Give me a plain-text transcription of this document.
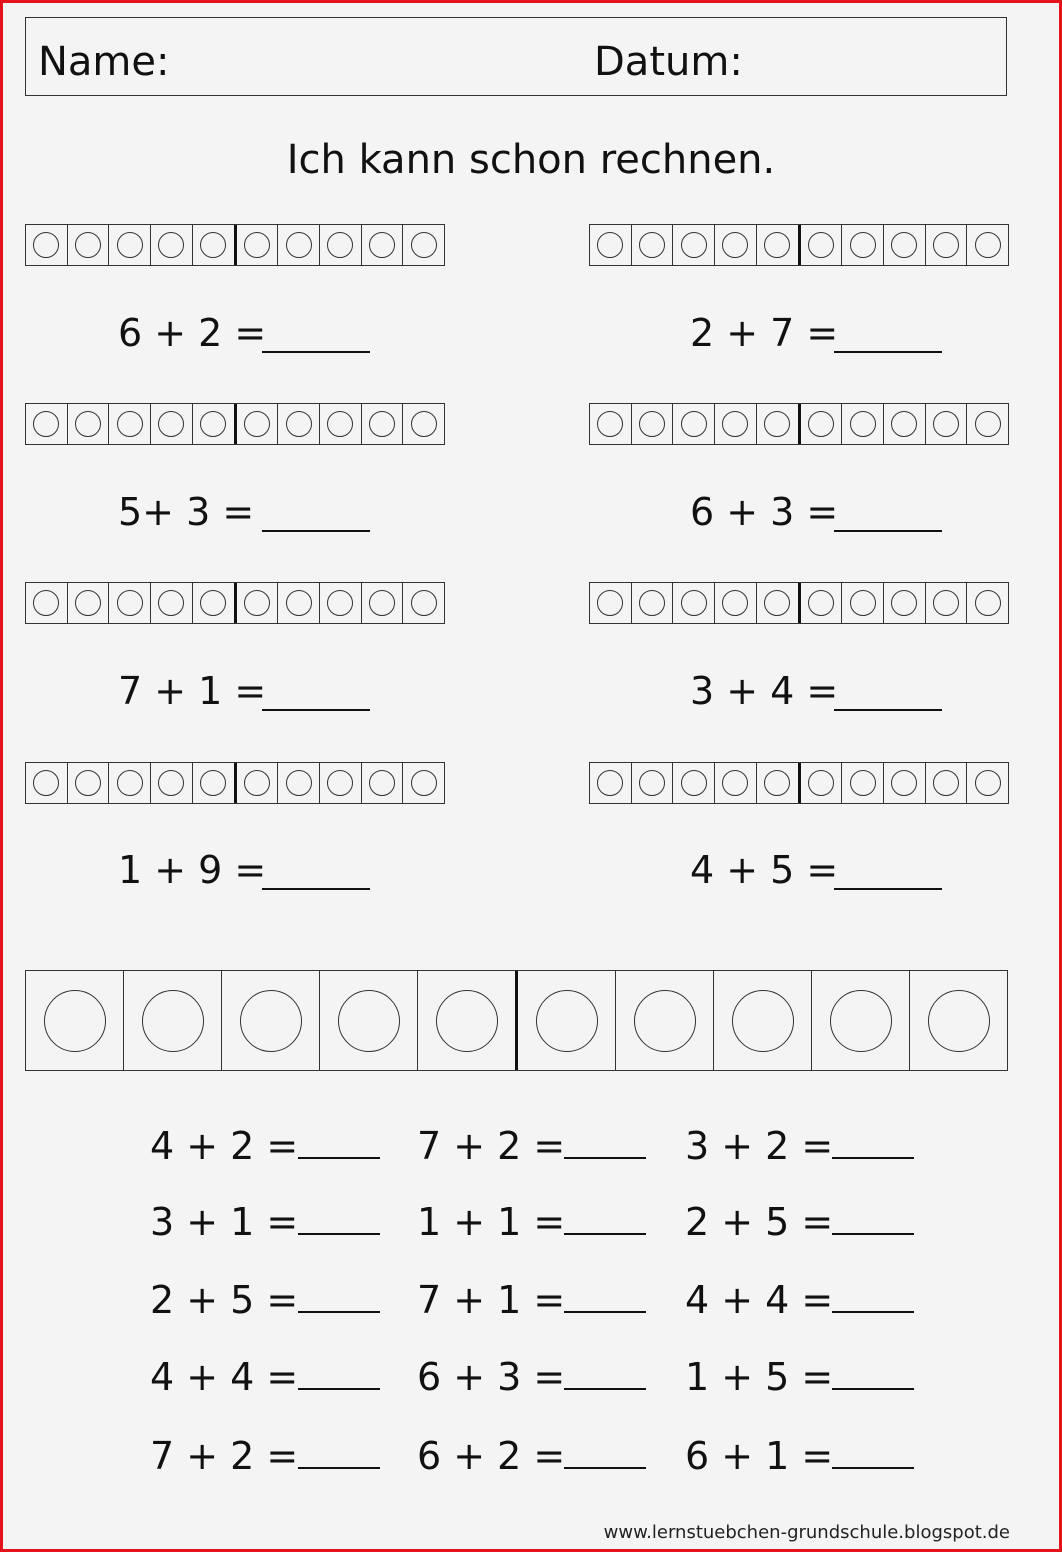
Name:	Datum:
Ich kann schon rechnen.
6 + 2 =	2 + 7 =
5+ 3 =	6 + 3 =
7 + 1 =	3 + 4 =
1 + 9 =	4 + 5 =
4 + 2 =	7 + 2 =	3 + 2 =
3 + 1 =	1 + 1 =	2 + 5 =
2 + 5 =	7 + 1 =	4 + 4 =
4 + 4 =	6 + 3 =	1 + 5 =
7 + 2 =	6 + 2 =	6 + 1 =
www.lernstuebchen-grundschule.blogspot.de
